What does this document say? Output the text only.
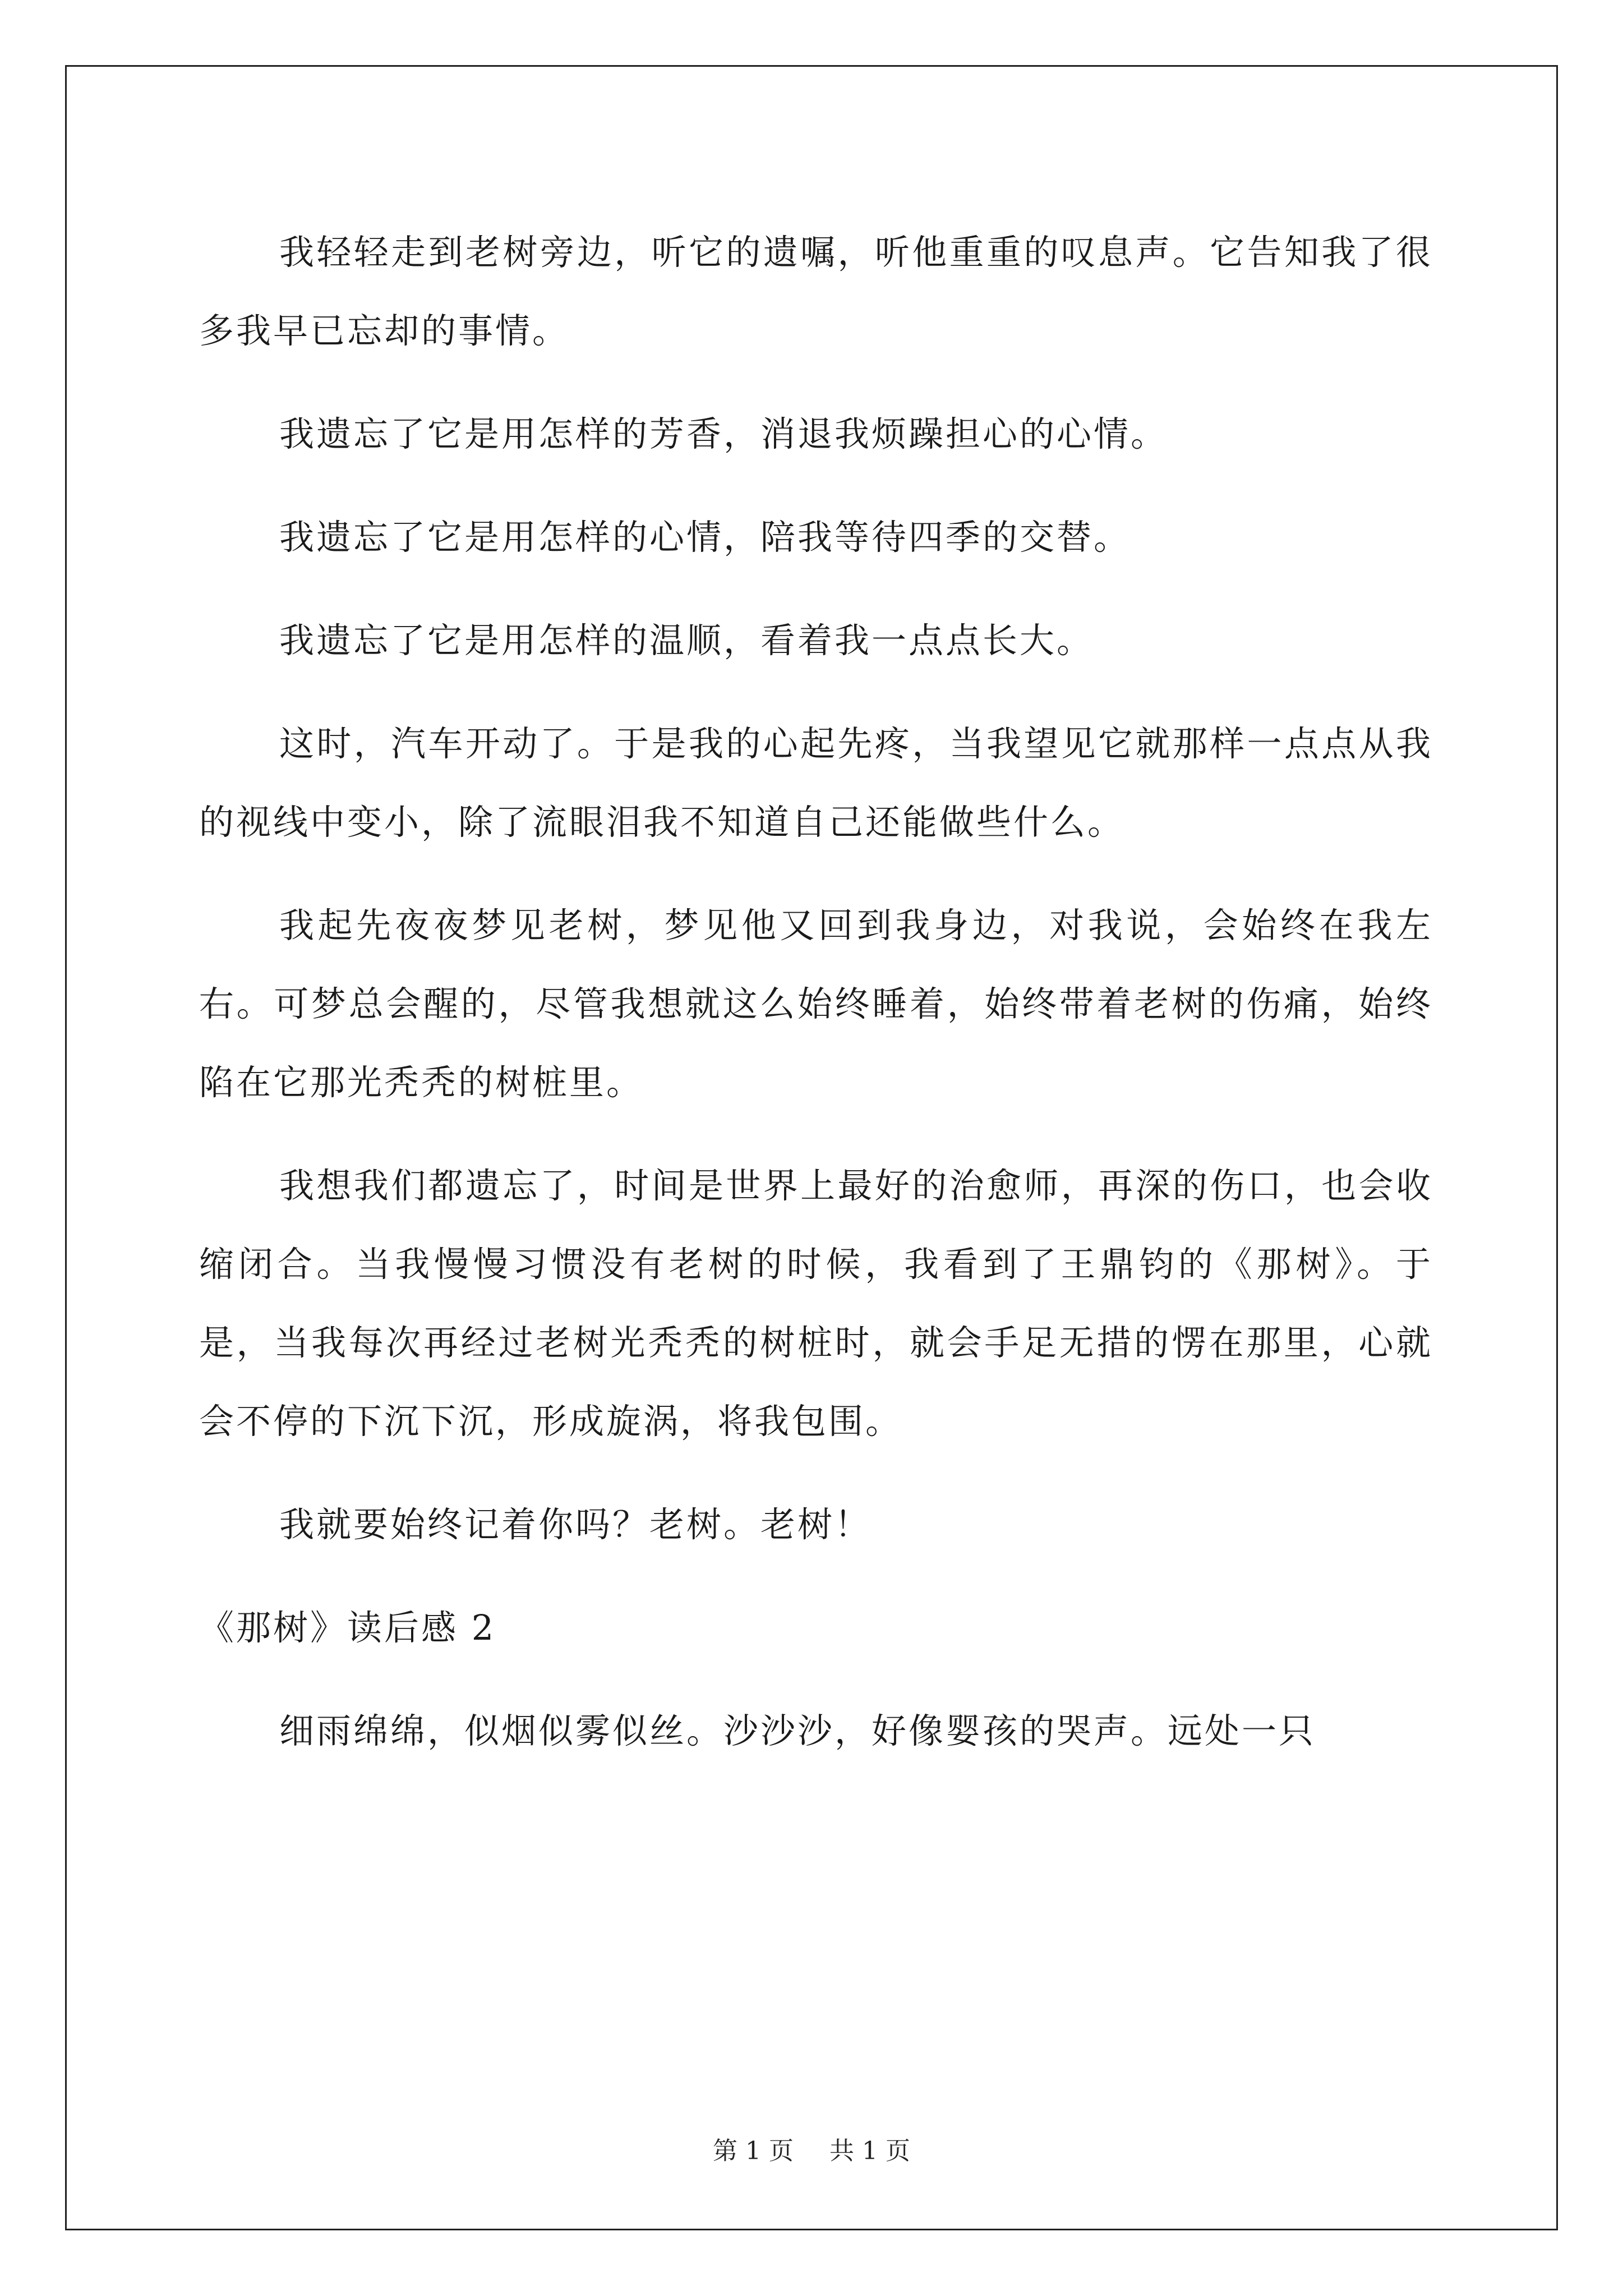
我轻轻走到老树旁边，听它的遗嘱，听他重重的叹息声。它告知我了很多我早已忘却的事情。

我遗忘了它是用怎样的芳香，消退我烦躁担心的心情。

我遗忘了它是用怎样的心情，陪我等待四季的交替。

我遗忘了它是用怎样的温顺，看着我一点点长大。

这时，汽车开动了。于是我的心起先疼，当我望见它就那样一点点从我的视线中变小，除了流眼泪我不知道自己还能做些什么。

我起先夜夜梦见老树，梦见他又回到我身边，对我说，会始终在我左右。可梦总会醒的，尽管我想就这么始终睡着，始终带着老树的伤痛，始终陷在它那光秃秃的树桩里。

我想我们都遗忘了，时间是世界上最好的治愈师，再深的伤口，也会收缩闭合。当我慢慢习惯没有老树的时候，我看到了王鼎钧的《那树》。于是，当我每次再经过老树光秃秃的树桩时，就会手足无措的愣在那里，心就会不停的下沉下沉，形成旋涡，将我包围。

我就要始终记着你吗？老树。老树！

《那树》读后感 2

细雨绵绵，似烟似雾似丝。沙沙沙，好像婴孩的哭声。远处一只

第 1 页 共 1 页
